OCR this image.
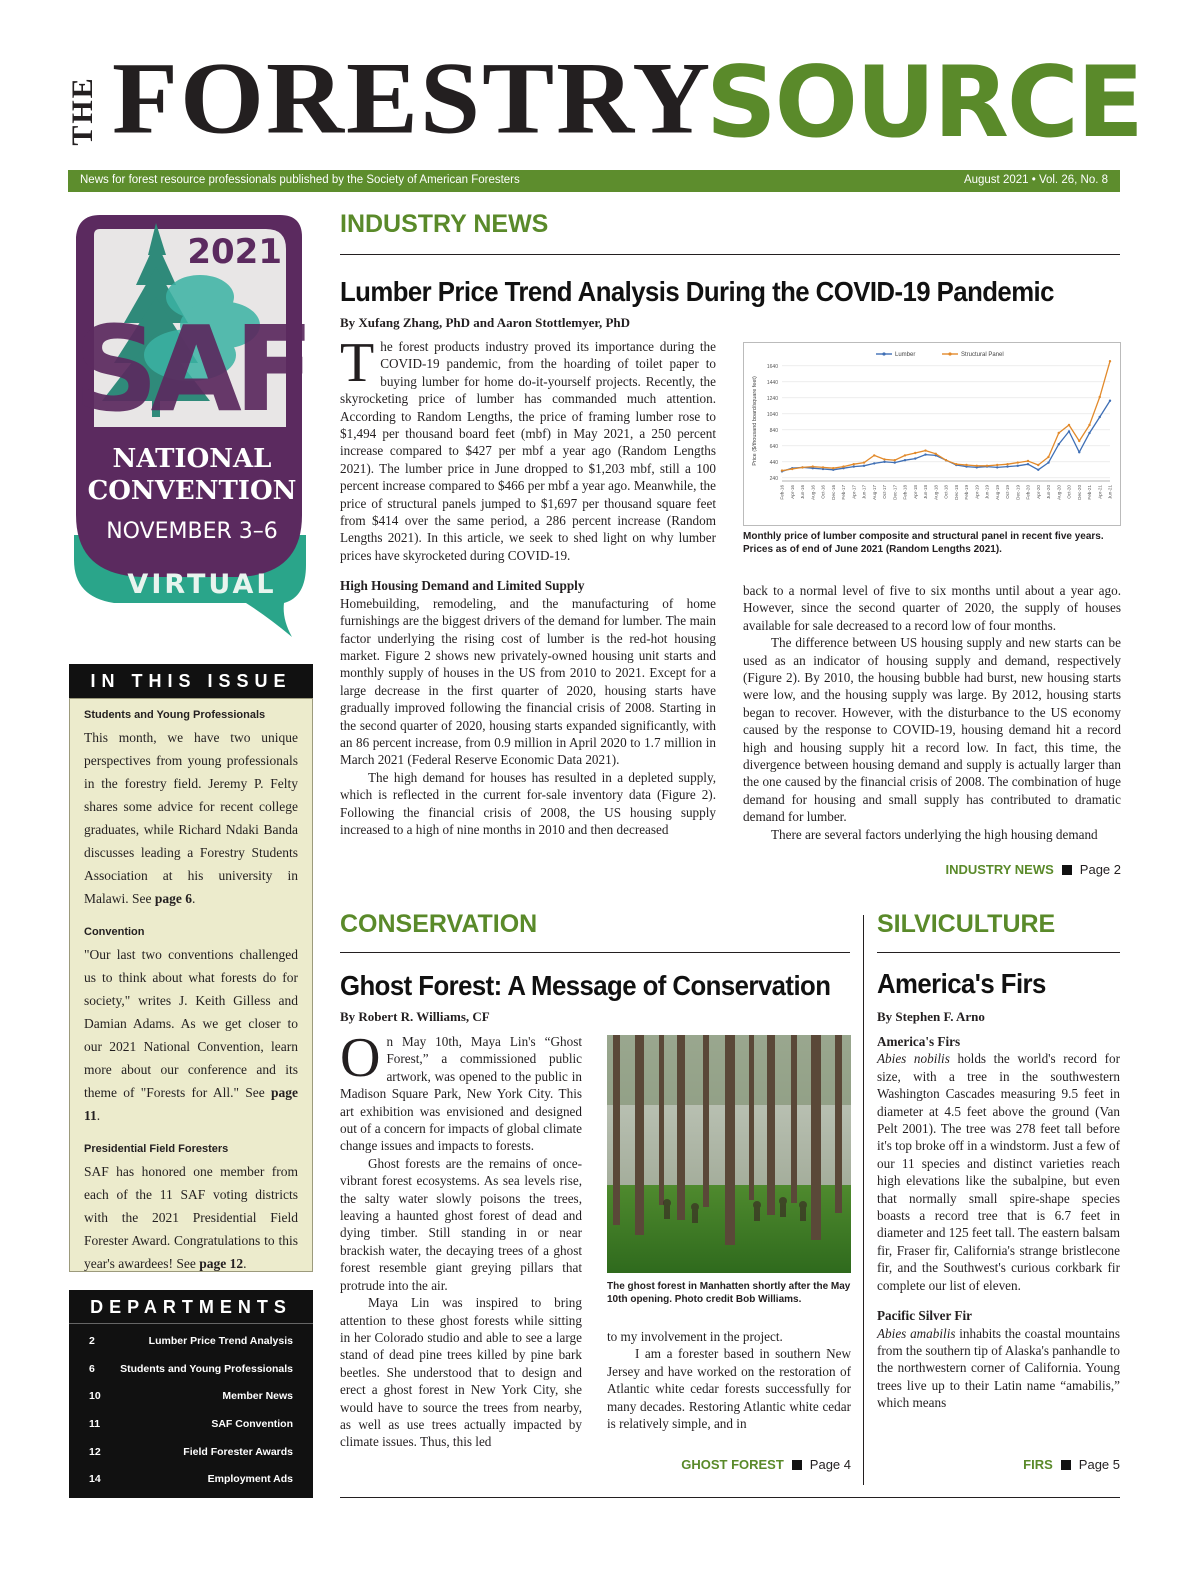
THE FORESTRY
SOURCE
News for forest resource professionals published by the Society of American Foresters	August 2021 • Vol. 26, No. 8
2021
SAF
NATIONAL
CONVENTION
NOVEMBER 3–6
VIRTUAL
IN THIS ISSUE
Students and Young Professionals

This month, we have two unique perspectives from young professionals in the forestry field. Jeremy P. Felty shares some advice for recent college graduates, while Richard Ndaki Banda discusses leading a Forestry Students Association at his university in Malawi. See page 6.

Convention

"Our last two conventions challenged us to think about what forests do for society," writes J. Keith Gilless and Damian Adams. As we get closer to our 2021 National Convention, learn more about our conference and its theme of "Forests for All." See page 11.

Presidential Field Foresters

SAF has honored one member from each of the 11 SAF voting districts with the 2021 Presidential Field Forester Award. Congratulations to this year's awardees! See page 12.

DEPARTMENTS
2	Lumber Price Trend Analysis
6 Students and Young Professionals
10	Member News
11	SAF Convention
12	Field Forester Awards
14	Employment Ads
INDUSTRY NEWS
Lumber Price Trend Analysis During the COVID-19 Pandemic
By Xufang Zhang, PhD and Aaron Stottlemyer, PhD

The forest products industry proved its importance during the COVID-19 pandemic, from the hoarding of toilet paper to buying lumber for home do-it-yourself projects. Recently, the skyrocketing price of lumber has commanded much attention. According to Random Lengths, the price of framing lumber rose to $1,494 per thousand board feet (mbf) in May 2021, a 250 percent increase compared to $427 per mbf a year ago (Random Lengths 2021). The lumber price in June dropped to $1,203 mbf, still a 100 percent increase compared to $466 per mbf a year ago. Meanwhile, the price of structural panels jumped to $1,697 per thousand square feet from $414 over the same period, a 286 percent increase (Random Lengths 2021). In this article, we seek to shed light on why lumber prices have skyrocketed during COVID-19.

High Housing Demand and Limited Supply

Homebuilding, remodeling, and the manufacturing of home furnishings are the biggest drivers of the demand for lumber. The main factor underlying the rising cost of lumber is the red-hot housing market. Figure 2 shows new privately-owned housing unit starts and monthly supply of houses in the US from 2010 to 2021. Except for a large decrease in the first quarter of 2020, housing starts have gradually improved following the financial crisis of 2008. Starting in the second quarter of 2020, housing starts expanded significantly, with an 86 percent increase, from 0.9 million in April 2020 to 1.7 million in March 2021 (Federal Reserve Economic Data 2021).

The high demand for houses has resulted in a depleted supply, which is reflected in the current for-sale inventory data (Figure 2). Following the financial crisis of 2008, the US housing supply increased to a high of nine months in 2010 and then decreased

240
440
640
840
1040
1240
1440
1640
Feb-16 Apr-16 Jun-16 Aug-16 Oct-16 Dec-16 Feb-17 Apr-17 Jun-17 Aug-17 Oct-17 Dec-17 Feb-18 Apr-18 Jun-18 Aug-18 Oct-18 Dec-18 Feb-19 Apr-19 Jun-19 Aug-19 Oct-19 Dec-19 Feb-20 Apr-20 Jun-20 Aug-20 Oct-20 Dec-20 Feb-21 Apr-21 Jun-21
Price ($/thousand board/square feet)
Lumber	Structural Panel
Monthly price of lumber composite and structural panel in recent five years. Prices as of end of June 2021 (Random Lengths 2021).

back to a normal level of five to six months until about a year ago. However, since the second quarter of 2020, the supply of houses available for sale decreased to a record low of four months.

The difference between US housing supply and new starts can be used as an indicator of housing supply and demand, respectively (Figure 2). By 2010, the housing bubble had burst, new housing starts were low, and the housing supply was large. By 2012, housing starts began to recover. However, with the disturbance to the US economy caused by the response to COVID-19, housing demand hit a record high and housing supply hit a record low. In fact, this time, the divergence between housing demand and supply is actually larger than the one caused by the financial crisis of 2008. The combination of huge demand for housing and small supply has contributed to dramatic demand for lumber.

There are several factors underlying the high housing demand

INDUSTRY NEWS Page 2
CONSERVATION
Ghost Forest: A Message of Conservation
By Robert R. Williams, CF

On May 10th, Maya Lin's “Ghost Forest,” a commissioned public artwork, was opened to the public in Madison Square Park, New York City. This art exhibition was envisioned and designed out of a concern for impacts of global climate change issues and impacts to forests.

Ghost forests are the remains of once-vibrant forest ecosystems. As sea levels rise, the salty water slowly poisons the trees, leaving a haunted ghost forest of dead and dying timber. Still standing in or near brackish water, the decaying trees of a ghost forest resemble giant greying pillars that protrude into the air.

Maya Lin was inspired to bring attention to these ghost forests while sitting in her Colorado studio and able to see a large stand of dead pine trees killed by pine bark beetles. She understood that to design and erect a ghost forest in New York City, she would have to source the trees from nearby, as well as use trees actually impacted by climate issues. Thus, this led

The ghost forest in Manhatten shortly after the May 10th opening. Photo credit Bob Williams.

to my involvement in the project.

I am a forester based in southern New Jersey and have worked on the restoration of Atlantic white cedar forests successfully for many decades. Restoring Atlantic white cedar is relatively simple, and in

GHOST FOREST Page 4
SILVICULTURE
America's Firs
By Stephen F. Arno

America's Firs

Abies nobilis holds the world's record for size, with a tree in the southwestern Washington Cascades measuring 9.5 feet in diameter at 4.5 feet above the ground (Van Pelt 2001). The tree was 278 feet tall before it's top broke off in a windstorm. Just a few of our 11 species and distinct varieties reach high elevations like the subalpine, but even that normally small spire-shape species boasts a record tree that is 6.7 feet in diameter and 125 feet tall. The eastern balsam fir, Fraser fir, California's strange bristlecone fir, and the Southwest's curious corkbark fir complete our list of eleven.

Pacific Silver Fir

Abies amabilis inhabits the coastal mountains from the southern tip of Alaska's panhandle to the northwestern corner of California. Young trees live up to their Latin name “amabilis,” which means

FIRS Page 5
